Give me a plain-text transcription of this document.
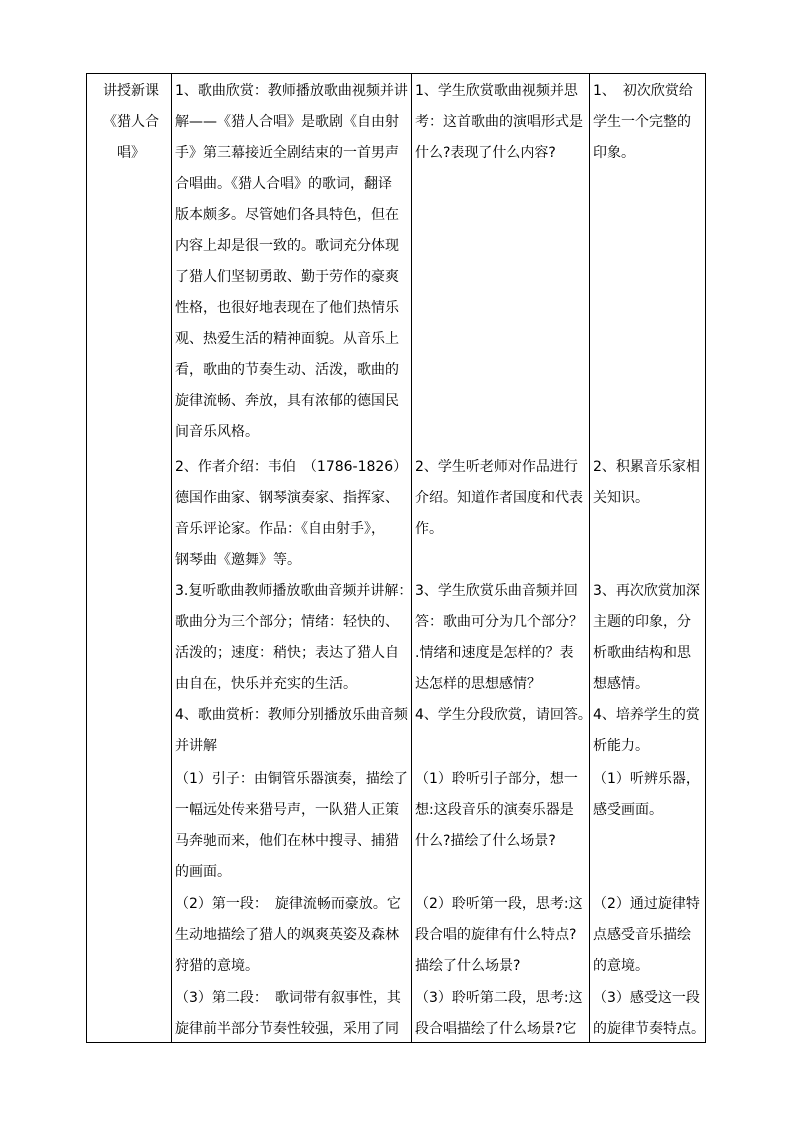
讲授新课

《猎人合

唱》

1、歌曲欣赏：教师播放歌曲视频并讲

解——《猎人合唱》是歌剧《自由射

手》第三幕接近全剧结束的一首男声

合唱曲。《猎人合唱》的歌词，翻译

版本颇多。尽管她们各具特色，但在

内容上却是很一致的。歌词充分体现

了猎人们坚韧勇敢、勤于劳作的豪爽

性格，也很好地表现在了他们热情乐

观、热爱生活的精神面貌。从音乐上

看，歌曲的节奏生动、活泼，歌曲的

旋律流畅、奔放，具有浓郁的德国民

间音乐风格。

2、作者介绍：韦伯　（1786-1826）

德国作曲家、钢琴演奏家、指挥家、

音乐评论家。作品：《自由射手》，

钢琴曲《邀舞》等。

3.复听歌曲教师播放歌曲音频并讲解：

歌曲分为三个部分；情绪：轻快的、

活泼的；速度：稍快；表达了猎人自

由自在，快乐并充实的生活。

4、歌曲赏析：教师分别播放乐曲音频

并讲解

（1）引子：由铜管乐器演奏，描绘了

一幅远处传来猎号声，一队猎人正策

马奔驰而来，他们在林中搜寻、捕猎

的画面。

（2）第一段：　旋律流畅而豪放。它

生动地描绘了猎人的飒爽英姿及森林

狩猎的意境。

（3）第二段：　歌词带有叙事性，其

旋律前半部分节奏性较强，采用了同

1、学生欣赏歌曲视频并思

考：这首歌曲的演唱形式是

什么?表现了什么内容?

2、学生听老师对作品进行

介绍。知道作者国度和代表

作。

3、学生欣赏乐曲音频并回

答：歌曲可分为几个部分？

.情绪和速度是怎样的？表

达怎样的思想感情？

4、学生分段欣赏，请回答。

（1）聆听引子部分，想一

想:这段音乐的演奏乐器是

什么?描绘了什么场景?

（2）聆听第一段，思考:这

段合唱的旋律有什么特点?

描绘了什么场景?

（3）聆听第二段，思考:这

段合唱描绘了什么场景?它

1、　初次欣赏给

学生一个完整的

印象。

2、积累音乐家相

关知识。

3、再次欣赏加深

主题的印象，分

析歌曲结构和思

想感情。

4、培养学生的赏

析能力。

（1）听辨乐器，

感受画面。

（2）通过旋律特

点感受音乐描绘

的意境。

（3）感受这一段

的旋律节奏特点。
